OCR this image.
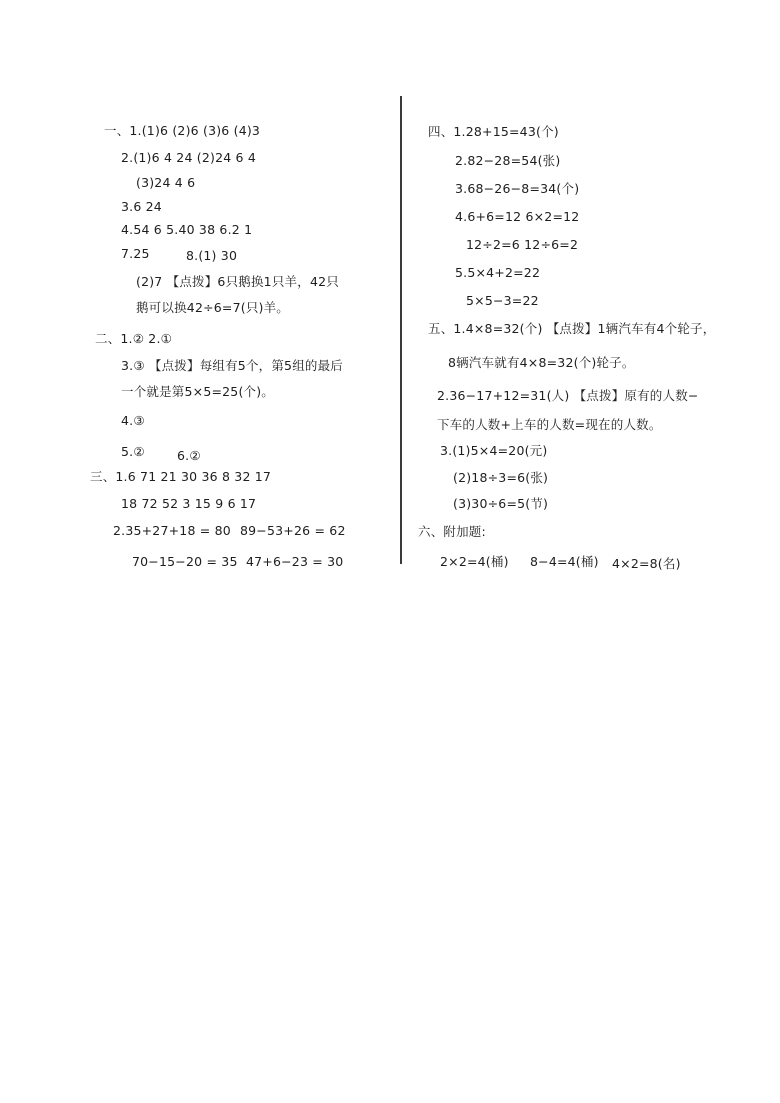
一、1.(1)6 (2)6 (3)6 (4)3
2.(1)6 4 24 (2)24 6 4
(3)24 4 6
3.6 24
4.54 6 5.40 38 6.2 1
7.25	8.(1) 30
(2)7 【点拨】6只鹅换1只羊，42只
鹅可以换42÷6=7(只)羊。
二、1.② 2.①
3.③ 【点拨】每组有5个，第5组的最后
一个就是第5×5=25(个)。
4.③
5.②	6.②
三、1.6 71 21 30 36 8 32 17
18 72 52 3 15 9 6 17
2.35+27+18 = 80 89−53+26 = 62
70−15−20 = 35 47+6−23 = 30
四、1.28+15=43(个)
2.82−28=54(张)
3.68−26−8=34(个)
4.6+6=12 6×2=12
12÷2=6 12÷6=2
5.5×4+2=22
5×5−3=22
五、1.4×8=32(个) 【点拨】1辆汽车有4个轮子，
8辆汽车就有4×8=32(个)轮子。
2.36−17+12=31(人) 【点拨】原有的人数−
下车的人数+上车的人数=现在的人数。
3.(1)5×4=20(元)
(2)18÷3=6(张)
(3)30÷6=5(节)
六、附加题:
2×2=4(桶) 8−4=4(桶) 4×2=8(名)
